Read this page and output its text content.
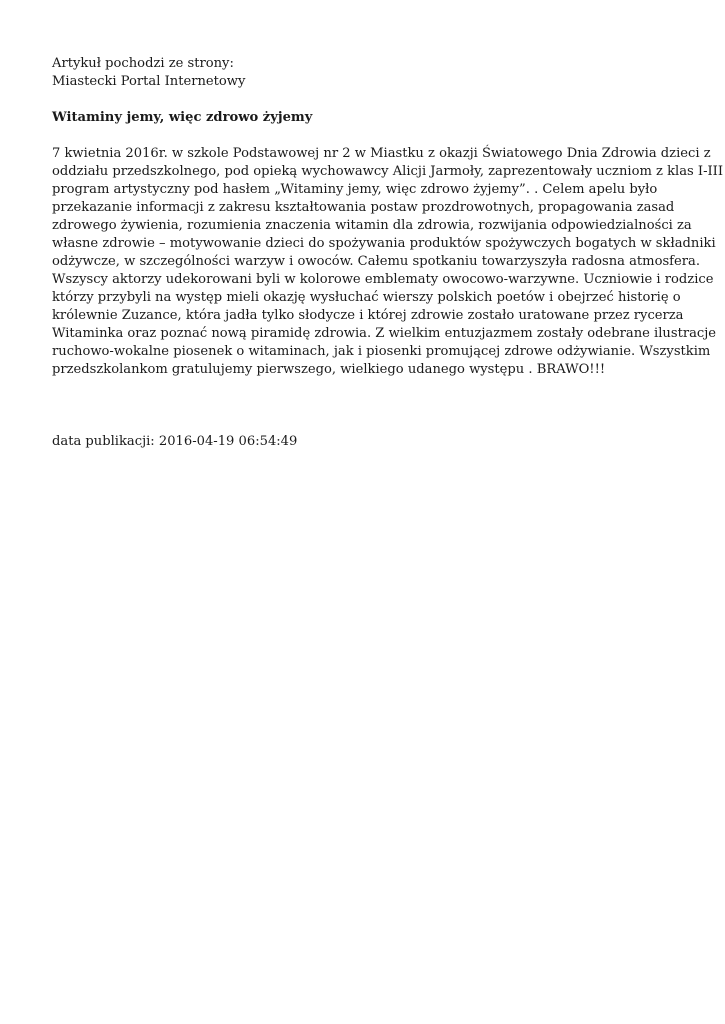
Artykuł pochodzi ze strony:

Miastecki Portal Internetowy

Witaminy jemy, więc zdrowo żyjemy
7 kwietnia 2016r. w szkole Podstawowej nr 2 w Miastku z okazji Światowego Dnia Zdrowia dzieci z
oddziału przedszkolnego, pod opieką wychowawcy Alicji Jarmoły, zaprezentowały uczniom z klas I-III
program artystyczny pod hasłem „Witaminy jemy, więc zdrowo żyjemy”. . Celem apelu było
przekazanie informacji z zakresu kształtowania postaw prozdrowotnych, propagowania zasad
zdrowego żywienia, rozumienia znaczenia witamin dla zdrowia, rozwijania odpowiedzialności za
własne zdrowie – motywowanie dzieci do spożywania produktów spożywczych bogatych w składniki
odżywcze, w szczególności warzyw i owoców. Całemu spotkaniu towarzyszyła radosna atmosfera.
Wszyscy aktorzy udekorowani byli w kolorowe emblematy owocowo-warzywne. Uczniowie i rodzice
którzy przybyli na występ mieli okazję wysłuchać wierszy polskich poetów i obejrzeć historię o
królewnie Zuzance, która jadła tylko słodycze i której zdrowie zostało uratowane przez rycerza
Witaminka oraz poznać nową piramidę zdrowia. Z wielkim entuzjazmem zostały odebrane ilustracje
ruchowo-wokalne piosenek o witaminach, jak i piosenki promującej zdrowe odżywianie. Wszystkim
przedszkolankom gratulujemy pierwszego, wielkiego udanego występu . BRAWO!!!

data publikacji: 2016-04-19 06:54:49
